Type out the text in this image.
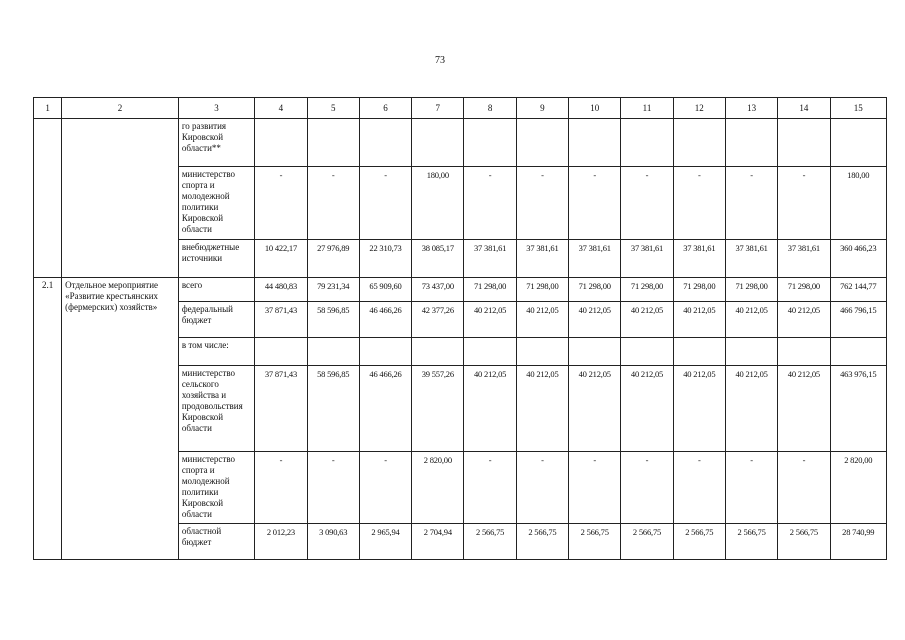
73
1	2	3	4	5	6	7	8	9	10	11	12	13	14	15
		го развития Кировской области**												
		министерство спорта и молодежной политики Кировской области	-	-	-	180,00	-	-	-	-	-	-	-	180,00
		внебюджетные источники	10 422,17	27 976,89	22 310,73	38 085,17	37 381,61	37 381,61	37 381,61	37 381,61	37 381,61	37 381,61	37 381,61	360 466,23
2.1	Отдельное мероприятие «Развитие крестьянских (фермерских) хозяйств»	всего	44 480,83	79 231,34	65 909,60	73 437,00	71 298,00	71 298,00	71 298,00	71 298,00	71 298,00	71 298,00	71 298,00	762 144,77
		федеральный бюджет	37 871,43	58 596,85	46 466,26	42 377,26	40 212,05	40 212,05	40 212,05	40 212,05	40 212,05	40 212,05	40 212,05	466 796,15
		в том числе:												
		министерство сельского хозяйства и продовольствия Кировской области	37 871,43	58 596,85	46 466,26	39 557,26	40 212,05	40 212,05	40 212,05	40 212,05	40 212,05	40 212,05	40 212,05	463 976,15
		министерство спорта и молодежной политики Кировской области	-	-	-	2 820,00	-	-	-	-	-	-	-	2 820,00
		областной бюджет	2 012,23	3 090,63	2 965,94	2 704,94	2 566,75	2 566,75	2 566,75	2 566,75	2 566,75	2 566,75	2 566,75	28 740,99
